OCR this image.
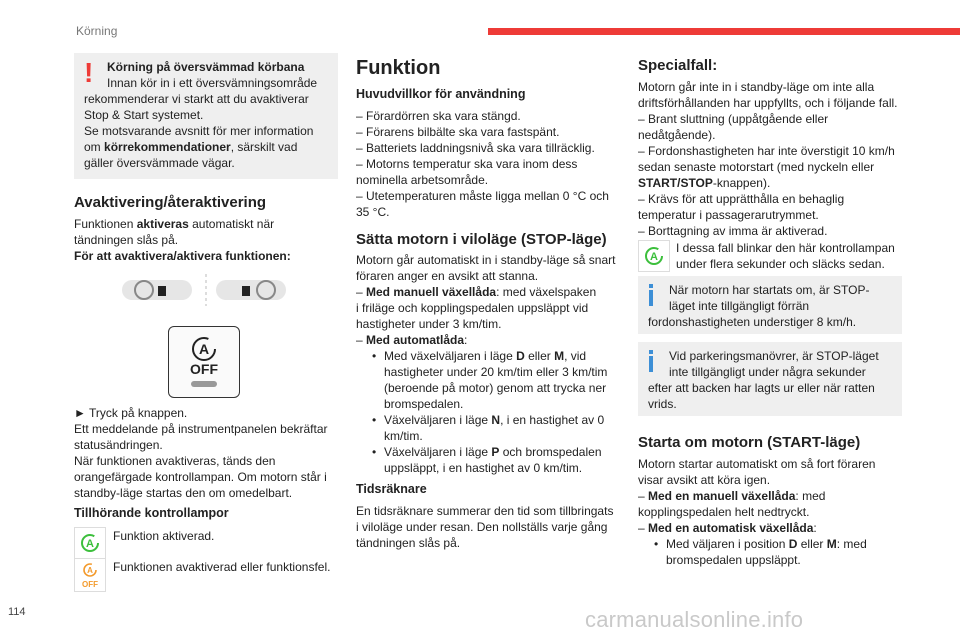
Körning
114	carmanualsonline.info
! Körning på översvämmad körbana

Innan kör in i ett översvämningsområde

rekommenderar vi starkt att du avaktiverar

Stop & Start systemet.

Se motsvarande avsnitt för mer information

om körrekommendationer, särskilt vad

gäller översvämmade vägar.

Avaktivering/återaktivering

Funktionen aktiveras automatiskt när

tändningen slås på.

För att avaktivera/aktivera funktionen:

A
OFF

► Tryck på knappen.

Ett meddelande på instrumentpanelen bekräftar

statusändringen.

När funktionen avaktiveras, tänds den

orangefärgade kontrollampan. Om motorn står i

standby-läge startas den om omedelbart.

Tillhörande kontrollampor
A
Funktion aktiverad.
A
OFF
Funktionen avaktiverad eller funktionsfel.
Funktion
Huvudvillkor för användning

– Förardörren ska vara stängd.

– Förarens bilbälte ska vara fastspänt.

– Batteriets laddningsnivå ska vara tillräcklig.

– Motorns temperatur ska vara inom dess

nominella arbetsområde.

– Utetemperaturen måste ligga mellan 0 °C och

35 °C.

Sätta motorn i viloläge (STOP-läge)

Motorn går automatiskt in i standby-läge så snart

föraren anger en avsikt att stanna.

– Med manuell växellåda: med växelspaken

i friläge och kopplingspedalen uppsläppt vid

hastigheter under 3 km/tim.

– Med automatlåda:

• Med växelväljaren i läge D eller M, vid
hastigheter under 20 km/tim eller 3 km/tim
(beroende på motor) genom att trycka ner
bromspedalen.
• Växelväljaren i läge N, i en hastighet av 0
km/tim.
• Växelväljaren i läge P och bromspedalen
uppsläppt, i en hastighet av 0 km/tim.
Tidsräknare

En tidsräknare summerar den tid som tillbringats

i viloläge under resan. Den nollställs varje gång

tändningen slås på.

Specialfall:

Motorn går inte in i standby-läge om inte alla

driftsförhållanden har uppfyllts, och i följande fall.

– Brant sluttning (uppåtgående eller

nedåtgående).

– Fordonshastigheten har inte överstigit 10 km/h

sedan senaste motorstart (med nyckeln eller

START/STOP-knappen).

– Krävs för att upprätthålla en behaglig

temperatur i passagerarutrymmet.

– Borttagning av imma är aktiverad.

A

I dessa fall blinkar den här kontrollampan

under flera sekunder och släcks sedan.

När motorn har startats om, är STOP-

läget inte tillgängligt förrän

fordonshastigheten understiger 8 km/h.

Vid parkeringsmanövrer, är STOP-läget

inte tillgängligt under några sekunder

efter att backen har lagts ur eller när ratten

vrids.

Starta om motorn (START-läge)

Motorn startar automatiskt om så fort föraren

visar avsikt att köra igen.

– Med en manuell växellåda: med

kopplingspedalen helt nedtryckt.

– Med en automatisk växellåda:

• Med väljaren i position D eller M: med
bromspedalen uppsläppt.
